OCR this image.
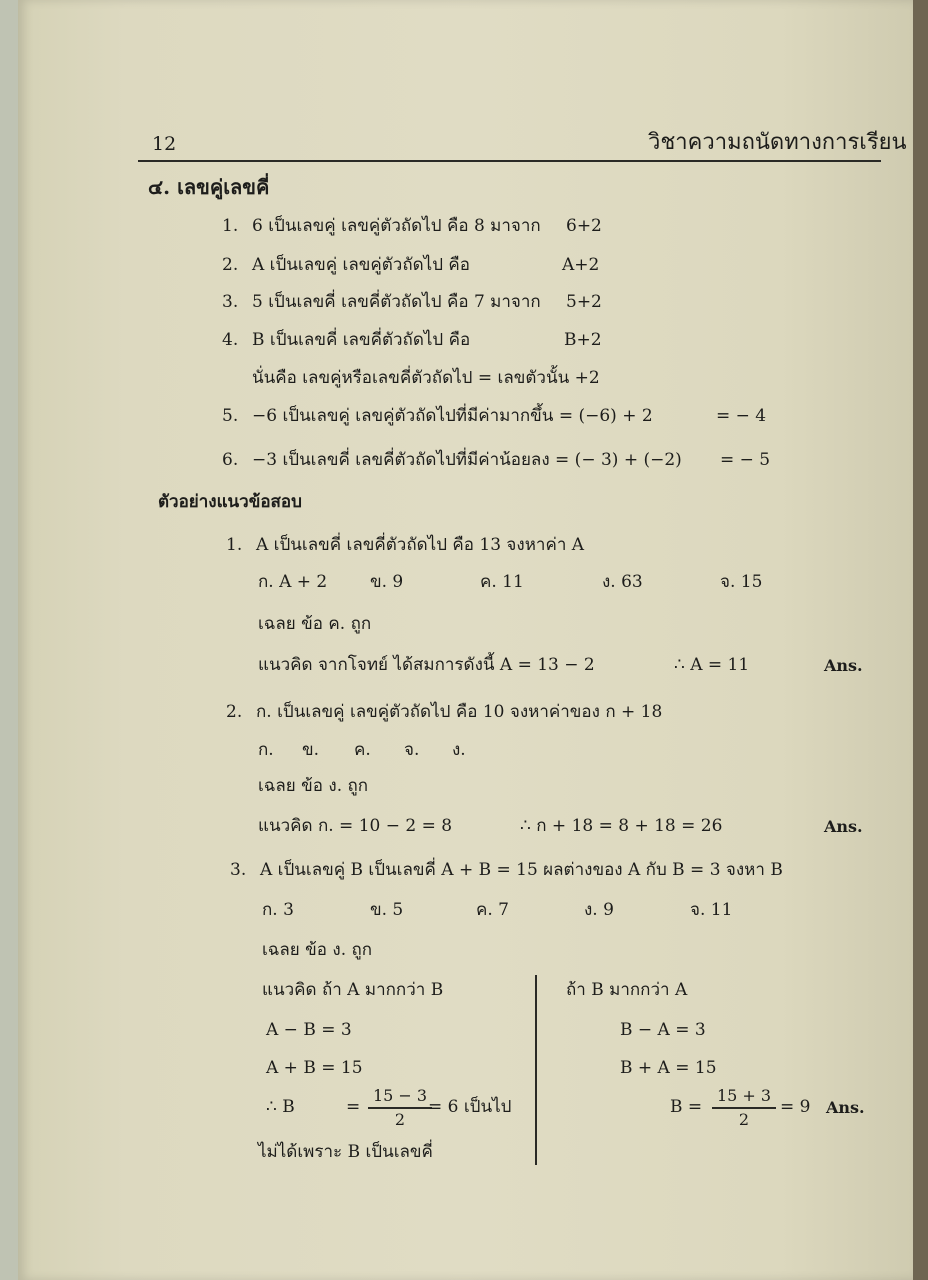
12	วิชาความถนัดทางการเรียน
๔. เลขคู่เลขคี่
1. 6 เป็นเลขคู่ เลขคู่ตัวถัดไป คือ 8 มาจาก 6+2
2. A เป็นเลขคู่ เลขคู่ตัวถัดไป คือ	A+2
3. 5 เป็นเลขคี่ เลขคี่ตัวถัดไป คือ 7 มาจาก 5+2
4. B เป็นเลขคี่ เลขคี่ตัวถัดไป คือ	B+2
นั่นคือ เลขคู่หรือเลขคี่ตัวถัดไป = เลขตัวนั้น +2
5. −6 เป็นเลขคู่ เลขคู่ตัวถัดไปที่มีค่ามากขึ้น = (−6) + 2	= − 4
6. −3 เป็นเลขคี่ เลขคี่ตัวถัดไปที่มีค่าน้อยลง = (− 3) + (−2) = − 5
ตัวอย่างแนวข้อสอบ
1. A เป็นเลขคี่ เลขคี่ตัวถัดไป คือ 13 จงหาค่า A
ก. A + 2	ข. 9	ค. 11	ง. 63	จ. 15
เฉลย ข้อ ค. ถูก
แนวคิด จากโจทย์ ได้สมการดังนี้ A = 13 − 2	∴ A = 11	Ans.
2. ก. เป็นเลขคู่ เลขคู่ตัวถัดไป คือ 10 จงหาค่าของ ก + 18
ก. ข. ค. จ. ง.
เฉลย ข้อ ง. ถูก
แนวคิด ก. = 10 − 2 = 8	∴ ก + 18 = 8 + 18 = 26	Ans.
3. A เป็นเลขคู่ B เป็นเลขคี่ A + B = 15 ผลต่างของ A กับ B = 3 จงหา B
ก. 3	ข. 5	ค. 7	ง. 9	จ. 11
เฉลย ข้อ ง. ถูก
แนวคิด ถ้า A มากกว่า B
A − B = 3
A + B = 15
∴ B	=
15 − 3
2
= 6 เป็นไป
ไม่ได้เพราะ B เป็นเลขคี่
ถ้า B มากกว่า A
B − A = 3
B + A = 15
B =
15 + 3
2
= 9 Ans.
